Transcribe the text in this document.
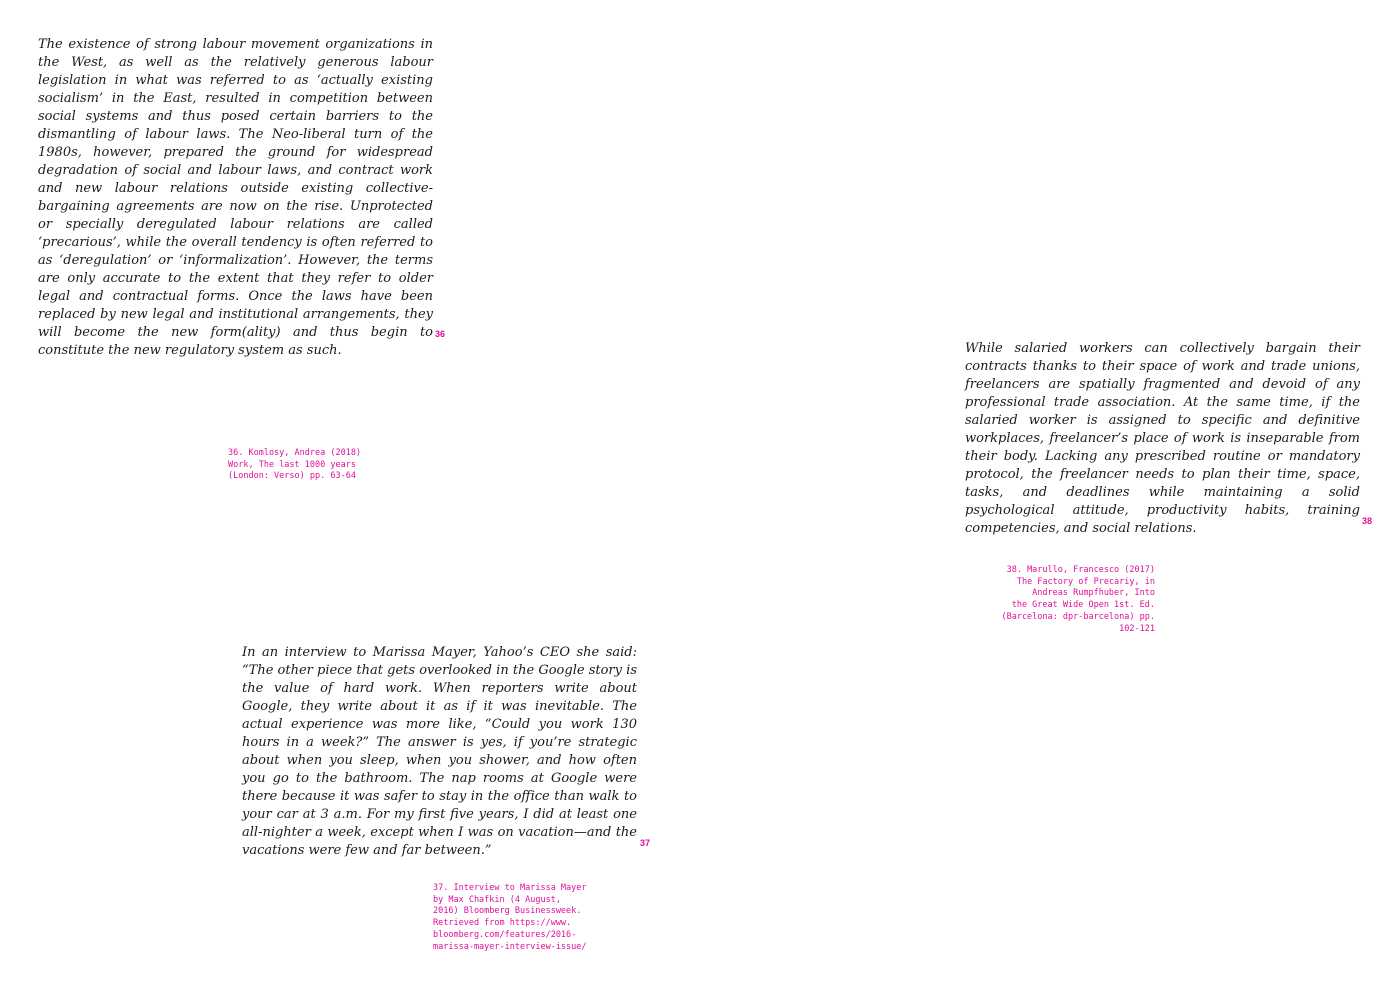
The existence of strong labour movement organizations in the West, as well as the relatively generous labour legislation in what was referred to as ‘actually existing socialism’ in the East, resulted in competition between social systems and thus posed certain barriers to the dismantling of labour laws. The Neo-liberal turn of the 1980s, however, prepared the ground for widespread degradation of social and labour laws, and contract work and new labour relations outside existing collective-bargaining agreements are now on the rise. Unprotected or specially deregulated labour relations are called ‘precarious’, while the overall tendency is often referred to as ‘deregulation’ or ‘informalization’. However, the terms are only accurate to the extent that they refer to older legal and contractual forms. Once the laws have been replaced by new legal and institutional arrangements, they will become the new form(ality) and thus begin to constitute the new regulatory system as such.

36

36. Komlosy, Andrea (2018)
Work, The last 1000 years
(London: Verso) pp. 63-64

While salaried workers can collectively bargain their contracts thanks to their space of work and trade unions, freelancers are spatially fragmented and devoid of any professional trade association. At the same time, if the salaried worker is assigned to specific and definitive workplaces, freelancer’s place of work is inseparable from their body. Lacking any prescribed routine or mandatory protocol, the freelancer needs to plan their time, space, tasks, and deadlines while maintaining a solid psychological attitude, productivity habits, training competencies, and social relations.	38

38. Marullo, Francesco (2017)
The Factory of Precariy, in
Andreas Rumpfhuber, Into
the Great Wide Open 1st. Ed.
(Barcelona: dpr-barcelona) pp.
102-121

In an interview to Marissa Mayer, Yahoo’s CEO she said: “The other piece that gets overlooked in the Google story is the value of hard work. When reporters write about Google, they write about it as if it was inevitable. The actual experience was more like, “Could you work 130 hours in a week?” The answer is yes, if you’re strategic about when you sleep, when you shower, and how often you go to the bathroom. The nap rooms at Google were there because it was safer to stay in the office than walk to your car at 3 a.m. For my first five years, I did at least one all-nighter a week, except when I was on vacation—and the vacations were few and far between.”	37

37. Interview to Marissa Mayer
by Max Chafkin (4 August,
2016) Bloomberg Businessweek.
Retrieved from https://www.
bloomberg.com/features/2016-
marissa-mayer-interview-issue/
